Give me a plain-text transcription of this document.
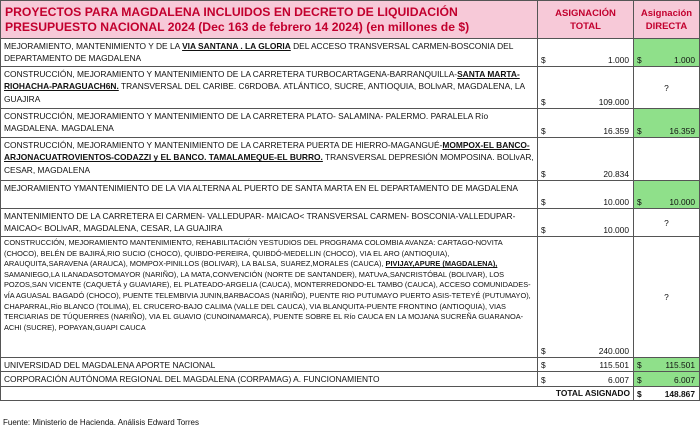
PROYECTOS PARA MAGDALENA INCLUIDOS EN DECRETO DE LIQUIDACIÓN PRESUPUESTO NACIONAL 2024 (Dec 163 de febrero 14 2024) (en millones de $)	ASIGNACIÓN TOTAL	Asignación DIRECTA
MEJORAMIENTO, MANTENIMIENTO Y DE LA VIA SANTANA . LA GLORIA DEL ACCESO TRANSVERSAL CARMEN-BOSCONIA DEL DEPARTAMENTO DE MAGDALENA	$ 1.000	$ 1.000

CONSTRUCCIÓN, MEJORAMIENTO Y MANTENIMIENTO DE LA CARRETERA TURBOCARTAGENA-BARRANQUILLA-SANTA MARTA- RIOHACHA-PARAGUACH6N. TRANSVERSAL DEL CARIBE. C6RDOBA. ATLÁNTICO, SUCRE, ANTIOQUIA, BOLlvAR, MAGDALENA, LA GUAJIRA	$ 109.000	?
CONSTRUCCIÓN, MEJORAMIENTO Y MANTENIMIENTO DE LA CARRETERA PLATO- SALAMINA- PALERMO. PARALELA Río MAGDALENA. MAGDALENA	$ 16.359	$ 16.359

CONSTRUCCIÓN, MEJORAMIENTO Y MANTENIMIENTO DE LA CARRETERA PUERTA DE HIERRO-MAGANGUÉ-MOMPOX-EL BANCO-ARJONACUATROVIENTOS-CODAZZI y EL BANCO. TAMALAMEQUE-EL BURRO. TRANSVERSAL DEPRESIÓN MOMPOSINA. BOLlvAR, CESAR, MAGDALENA	$ 20.834	

MEJORAMIENTO YMANTENIMIENTO DE LA VIA ALTERNA AL PUERTO DE SANTA MARTA EN EL DEPARTAMENTO DE MAGDALENA	$ 10.000	$ 10.000

MANTENIMIENTO DE LA CARRETERA El CARMEN- VALLEDUPAR- MAICAO< TRANSVERSAL CARMEN- BOSCONIA-VALLEDUPAR- MAICAO< BOLlvAR, MAGDALENA, CESAR, LA GUAJIRA	$ 10.000	?
CONSTRUCCIÓN, MEJORAMIENTO MANTENIMIENTO, REHABILITACIÓN YESTUDIOS DEL PROGRAMA COLOMBIA AVANZA: CARTAGO-NOVITA (CHOCO), BELÉN DE BAJIRÁ,RIO SUCIO (CHOCO), QUIBDO-PEREIRA, QUIBDÓ-MEDELLIN (CHOCO), VIA EL ARO (ANTIOQUIA), ARAUQUITA,SARAVENA (ARAUCA), MOMPOX-PINILLOS (BOLIVAR), LA BALSA, SUAREZ,MORALES (CAUCA), PIVIJAY,APURE (MAGDALENA), SAMANIEGO,LA ILANADASOTOMAYOR (NARIÑO), LA MATA,CONVENCIÓN (NORTE DE SANTANDER), MATUvA,SANCRISTÓBAL (BOLIVAR), LOS POZOS,SAN VICENTE (CAQUETÁ y GUAVIARE), EL PLATEADO-ARGELIA (CAUCA), MONTERREDONDO-EL TAMBO (CAUCA), ACCESO COMUNIDADES-vÍA AGUASAL BAGADÓ (CHOCO), PUENTE TELEMBIVIA JUNIN,BARBACOAS (NARIÑO), PUENTE RIO PUTUMAYO PUERTO ASIS-TETEYÉ (PUTUMAYO), CHAPARRAL,Rio BLANCO (TOLIMA), EL CRUCERO-BAJO CALIMA (VALLE DEL CAUCA), VIA BLANQUITA-PUENTE FRONTINO (ANTIOQUIA), VIAS TERCIARIAS DE TÚQUERRES (NARIÑO), VIA EL GUAVIO (CUNOINAMARCA), PUENTE SOBRE EL Río CAUCA EN LA MOJANA SUCREÑA GUARANOA-ACHI (SUCRE), POPAYAN,GUAPI CAUCA	$ 240.000	?
UNIVERSIDAD DEL MAGDALENA APORTE NACIONAL	$ 115.501	$ 115.501

CORPORACIÓN AUTÓNOMA REGIONAL DEL MAGDALENA (CORPAMAG) A. FUNCIONAMIENTO	$ 6.007	$ 6.007

TOTAL ASIGNADO		$ 148.867
Fuente: Ministerio de Hacienda. Análisis Edward Torres
